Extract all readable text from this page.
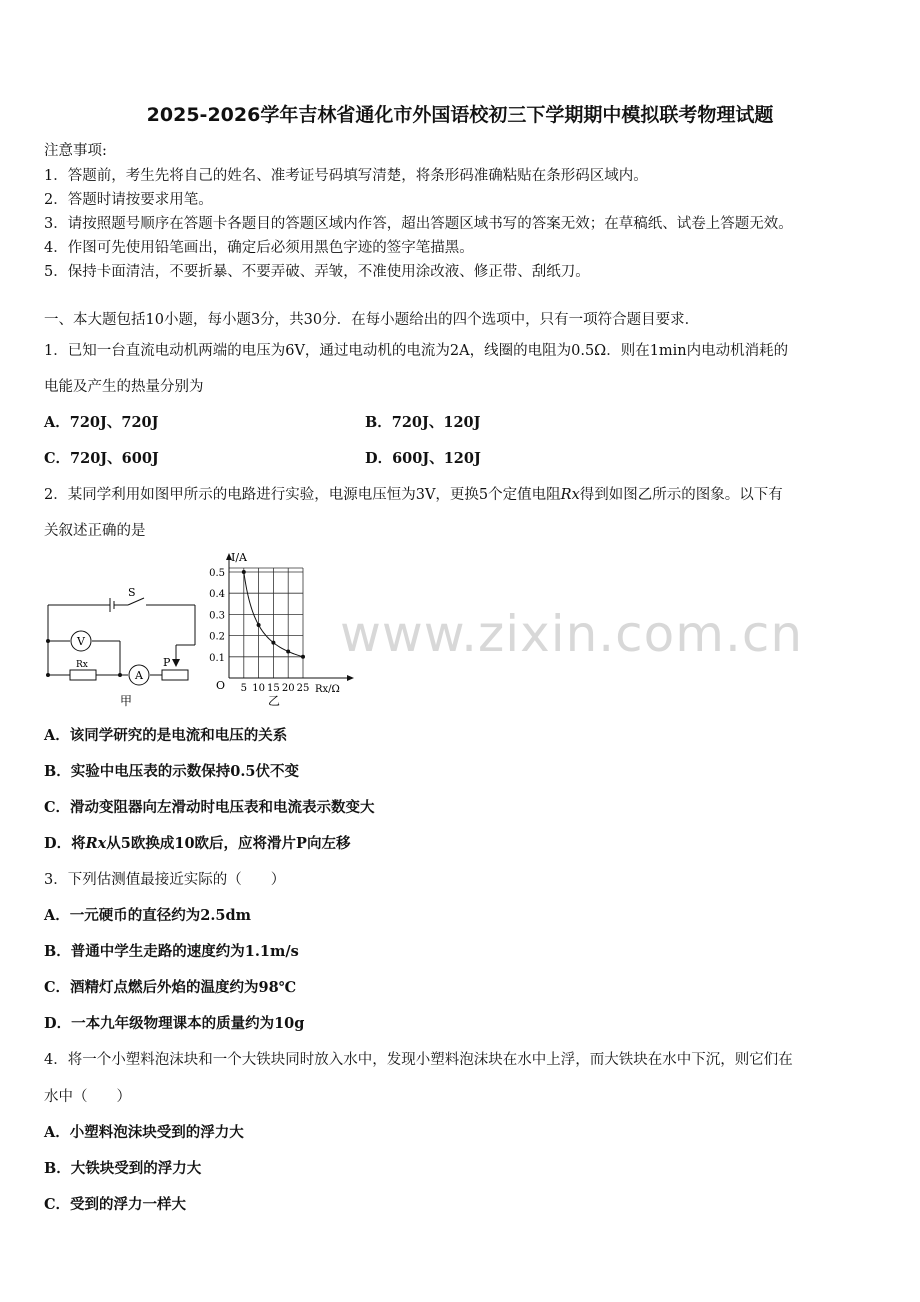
2025-2026学年吉林省通化市外国语校初三下学期期中模拟联考物理试题
注意事项:
1．答题前，考生先将自己的姓名、准考证号码填写清楚，将条形码准确粘贴在条形码区域内。
2．答题时请按要求用笔。
3．请按照题号顺序在答题卡各题目的答题区域内作答，超出答题区域书写的答案无效；在草稿纸、试卷上答题无效。
4．作图可先使用铅笔画出，确定后必须用黑色字迹的签字笔描黑。
5．保持卡面清洁，不要折暴、不要弄破、弄皱，不准使用涂改液、修正带、刮纸刀。
一、本大题包括10小题，每小题3分，共30分．在每小题给出的四个选项中，只有一项符合题目要求．
1．已知一台直流电动机两端的电压为6V，通过电动机的电流为2A，线圈的电阻为0.5Ω．则在1min内电动机消耗的
电能及产生的热量分别为
A．720J、720J	B．720J、120J
C．720J、600J	D．600J、120J
2．某同学利用如图甲所示的电路进行实验，电源电压恒为3V，更换5个定值电阻Rx得到如图乙所示的图象。以下有
关叙述正确的是
S
V
Rx
A
P
甲
0.5
0.4
0.3
0.2
0.1
5 10 15 20 25
I/A
Rx/Ω
O
乙
A．该同学研究的是电流和电压的关系
B．实验中电压表的示数保持0.5伏不变
C．滑动变阻器向左滑动时电压表和电流表示数变大
D．将Rx从5欧换成10欧后，应将滑片P向左移
3．下列估测值最接近实际的（　　）
A．一元硬币的直径约为2.5dm
B．普通中学生走路的速度约为1.1m/s
C．酒精灯点燃后外焰的温度约为98℃
D．一本九年级物理课本的质量约为10g
4．将一个小塑料泡沫块和一个大铁块同时放入水中，发现小塑料泡沫块在水中上浮，而大铁块在水中下沉，则它们在
水中（　　）
A．小塑料泡沫块受到的浮力大
B．大铁块受到的浮力大
C．受到的浮力一样大
www.zixin.com.cn
